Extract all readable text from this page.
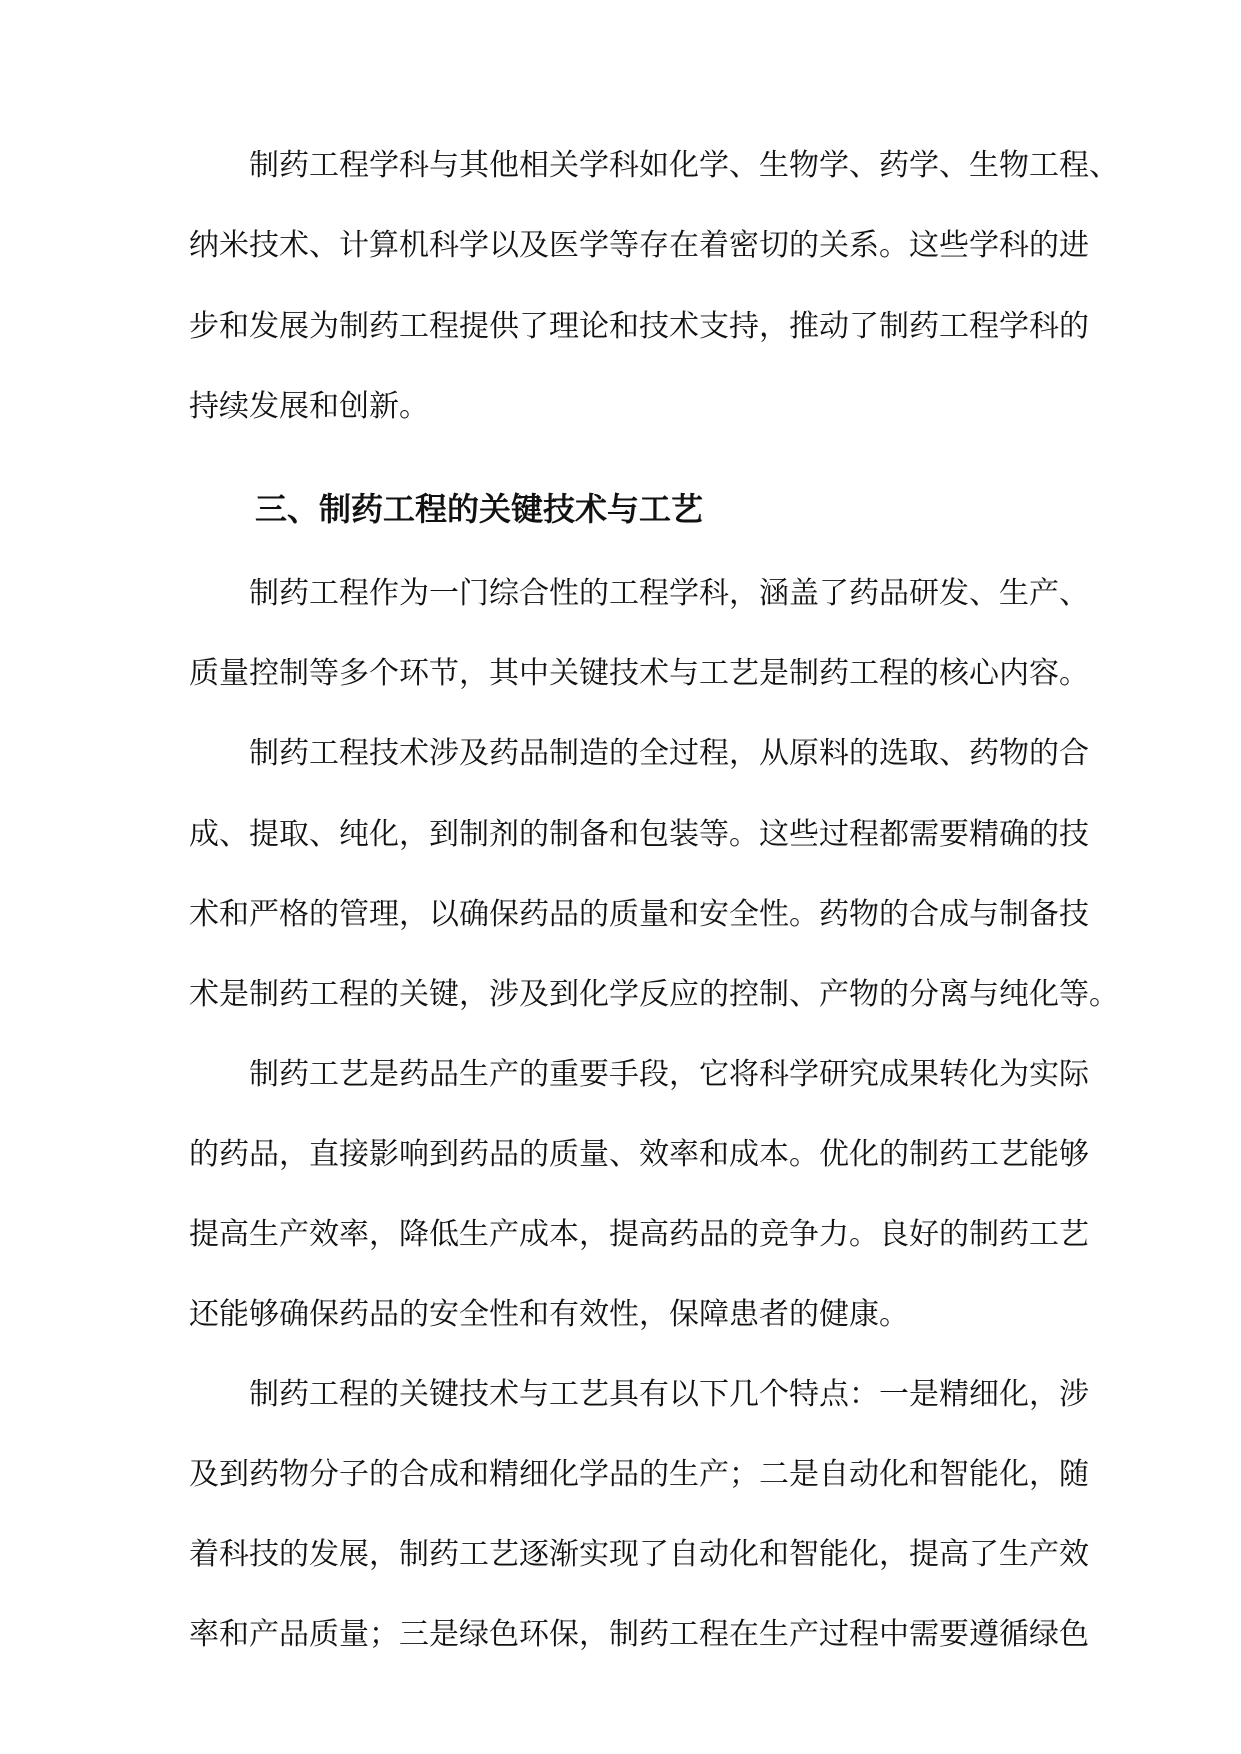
制药工程学科与其他相关学科如化学、生物学、药学、生物工程、
纳米技术、计算机科学以及医学等存在着密切的关系。这些学科的进
步和发展为制药工程提供了理论和技术支持，推动了制药工程学科的
持续发展和创新。
三、制药工程的关键技术与工艺
制药工程作为一门综合性的工程学科，涵盖了药品研发、生产、
质量控制等多个环节，其中关键技术与工艺是制药工程的核心内容。
制药工程技术涉及药品制造的全过程，从原料的选取、药物的合
成、提取、纯化，到制剂的制备和包装等。这些过程都需要精确的技
术和严格的管理，以确保药品的质量和安全性。药物的合成与制备技
术是制药工程的关键，涉及到化学反应的控制、产物的分离与纯化等。
制药工艺是药品生产的重要手段，它将科学研究成果转化为实际
的药品，直接影响到药品的质量、效率和成本。优化的制药工艺能够
提高生产效率，降低生产成本，提高药品的竞争力。良好的制药工艺
还能够确保药品的安全性和有效性，保障患者的健康。
制药工程的关键技术与工艺具有以下几个特点：一是精细化，涉
及到药物分子的合成和精细化学品的生产；二是自动化和智能化，随
着科技的发展，制药工艺逐渐实现了自动化和智能化，提高了生产效
率和产品质量；三是绿色环保，制药工程在生产过程中需要遵循绿色
